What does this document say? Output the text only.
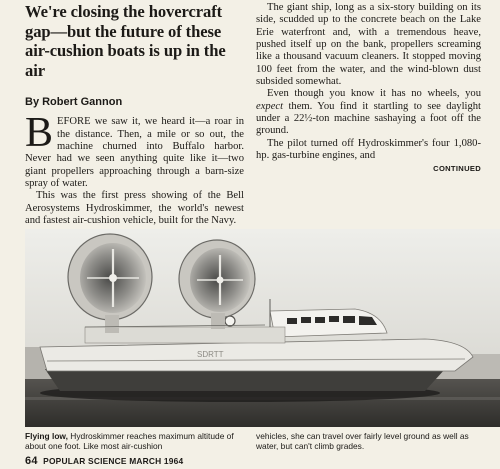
We're closing the hovercraft gap—but the future of these air-cushion boats is up in the air
By Robert Gannon

BEFORE we saw it, we heard it—a roar in the distance. Then, a mile or so out, the machine churned into Buffalo harbor. Never had we seen anything quite like it—two giant propellers approaching through a barn-size spray of water.

This was the first press showing of the Bell Aerosystems Hydroskimmer, the world's newest and fastest air-cushion vehicle, built for the Navy.

The giant ship, long as a six-story building on its side, scudded up to the concrete beach on the Lake Erie waterfront and, with a tremendous heave, pushed itself up on the bank, propellers screaming like a thousand vacuum cleaners. It stopped moving 100 feet from the water, and the wind-blown dust subsided somewhat.

Even though you know it has no wheels, you expect them. You find it startling to see daylight under a 22½-ton machine sashaying a foot off the ground.

The pilot turned off Hydroskimmer's four 1,080-hp. gas-turbine engines, and

CONTINUED
SDRTT
Flying low, Hydroskimmer reaches maximum altitude of about one foot. Like most air-cushion
vehicles, she can travel over fairly level ground as well as water, but can't climb grades.
64 POPULAR SCIENCE MARCH 1964
